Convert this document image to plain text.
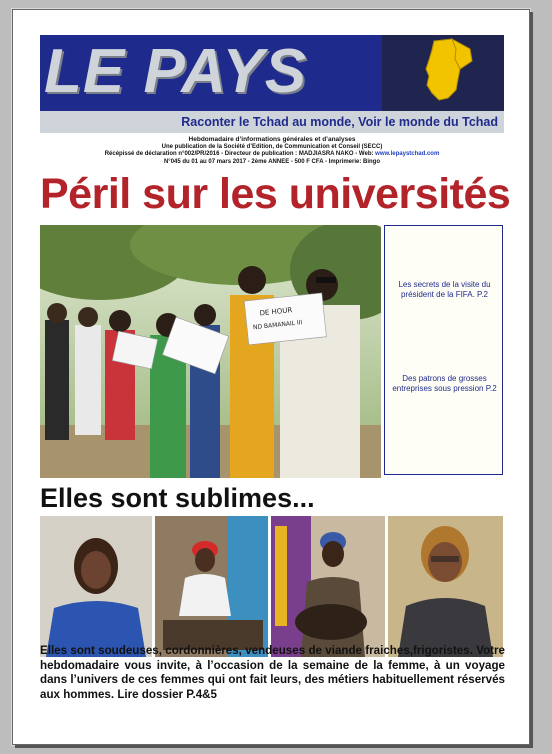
LE PAYS
Raconter le Tchad au monde, Voir le monde du Tchad
Hebdomadaire d’informations générales et d’analyses
Une publication de la Société d’Edition, de Communication et Conseil (SECC)
Récépissé de déclaration n°002/PR/2016 - Directeur de publication : MADJIASRA NAKO - Web: www.lepaystchad.com
N°045 du 01 au 07 mars 2017 - 2ème ANNEE - 500 F CFA - Imprimerie: Bingo
Péril sur les universités
DE HOUR
ND BAMANAIL III
Les secrets de la visite du président de la FIFA. P.2
Des patrons de grosses entreprises sous pression P.2
Elles sont sublimes...
Elles sont soudeuses, cordonnières, vendeuses de viande fraiches,frigoristes. Votre hebdomadaire vous invite, à l’occasion de la semaine de la femme, à un voyage dans l’univers de ces femmes qui ont fait leurs, des métiers habituellement réservés aux hommes. Lire dossier P.4&5
